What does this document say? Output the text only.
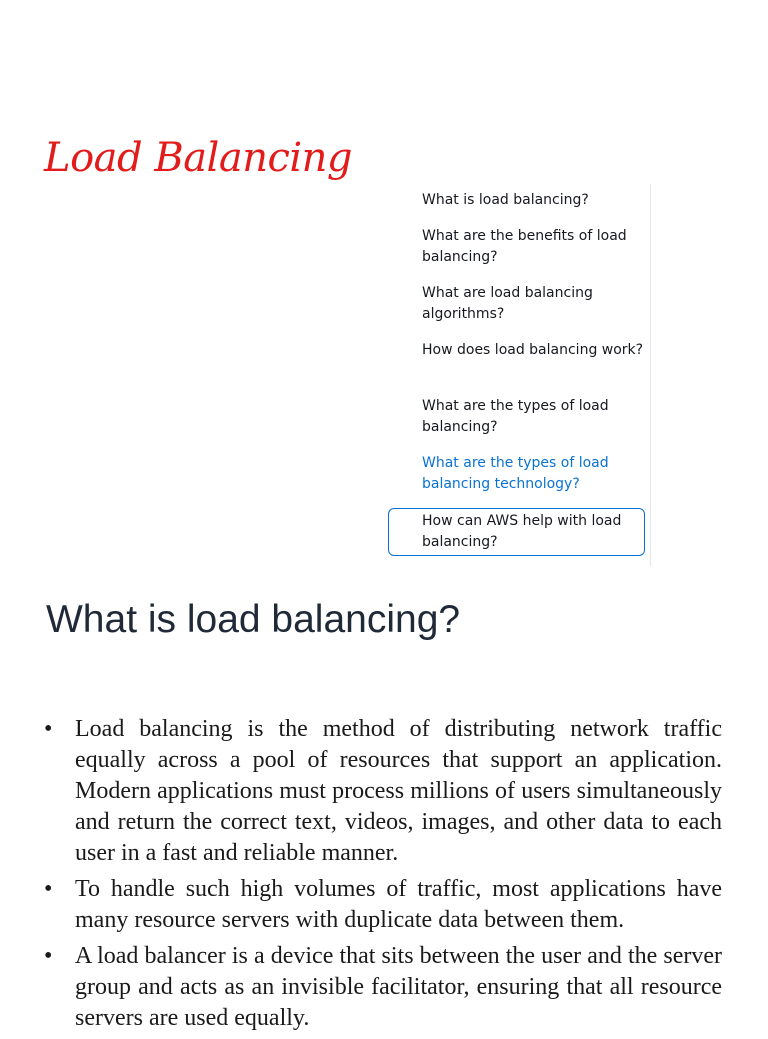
Load Balancing
What is load balancing?
What are the benefits of load balancing?
What are load balancing algorithms?
How does load balancing work?
What are the types of load balancing?
What are the types of load balancing technology?
How can AWS help with load balancing?
What is load balancing?
• Load balancing is the method of distributing network traffic equally across a pool of resources that support an application. Modern applications must process millions of users simultaneously and return the correct text, videos, images, and other data to each user in a fast and reliable manner.
• To handle such high volumes of traffic, most applications have many resource servers with duplicate data between them.
• A load balancer is a device that sits between the user and the server group and acts as an invisible facilitator, ensuring that all resource servers are used equally.
